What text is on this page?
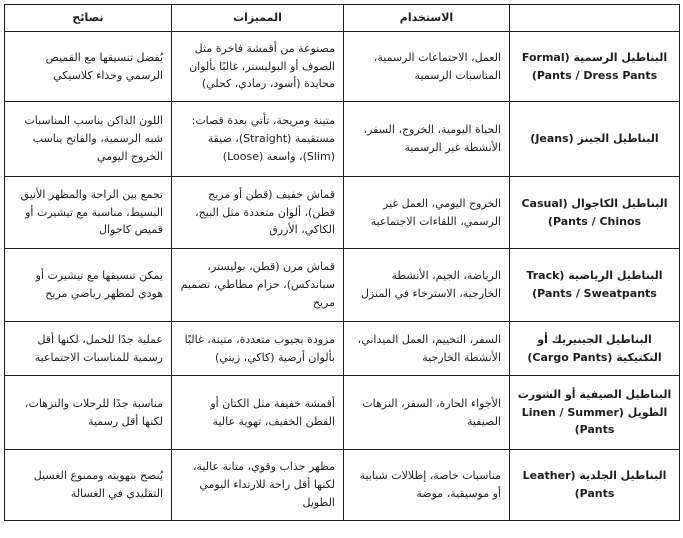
	الاستخدام	المميزات	نصائح
البناطيل الرسمية (Formal Pants / Dress Pants)	العمل، الاجتماعات الرسمية، المناسبات الرسمية	مصنوعة من أقمشة فاخرة مثل الصوف أو البوليستر، غالبًا بألوان محايدة (أسود، رمادي، كحلي)	يُفضل تنسيقها مع القميص الرسمي وحذاء كلاسيكي
البناطيل الجينز (Jeans)	الحياة اليومية، الخروج، السفر، الأنشطة غير الرسمية	متينة ومريحة، تأتي بعدة قصات: مستقيمة (Straight)، ضيقة (Slim)، واسعة (Loose)	اللون الداكن يناسب المناسبات شبه الرسمية، والفاتح يناسب الخروج اليومي
البناطيل الكاجوال (Casual Pants / Chinos)	الخروج اليومي، العمل غير الرسمي، اللقاءات الاجتماعية	قماش خفيف (قطن أو مزيج قطن)، ألوان متعددة مثل البيج، الكاكي، الأزرق	تجمع بين الراحة والمظهر الأنيق البسيط، مناسبة مع تيشيرت أو قميص كاجوال
البناطيل الرياضية (Track Pants / Sweatpants)	الرياضة، الجيم، الأنشطة الخارجية، الاسترخاء في المنزل	قماش مرن (قطن، بوليستر، سباندكس)، حزام مطاطي، تصميم مريح	يمكن تنسيقها مع تيشيرت أو هودي لمظهر رياضي مريح
البناطيل الجينيريك أو التكتيكية (Cargo Pants)	السفر، التخييم، العمل الميداني، الأنشطة الخارجية	مزودة بجيوب متعددة، متينة، غالبًا بألوان أرضية (كاكي، زيتي)	عملية جدًا للحمل، لكنها أقل رسمية للمناسبات الاجتماعية
البناطيل الصيفية أو الشورت الطويل (Linen / Summer Pants)	الأجواء الحارة، السفر، النزهات الصيفية	أقمشة خفيفة مثل الكتان أو القطن الخفيف، تهوية عالية	مناسبة جدًا للرحلات والنزهات، لكنها أقل رسمية
البناطيل الجلدية (Leather Pants)	مناسبات خاصة، إطلالات شبابية أو موسيقية، موضة	مظهر جذاب وقوي، متانة عالية، لكنها أقل راحة للارتداء اليومي الطويل	يُنصح بتهويته وممنوع الغسيل التقليدي في الغسالة
